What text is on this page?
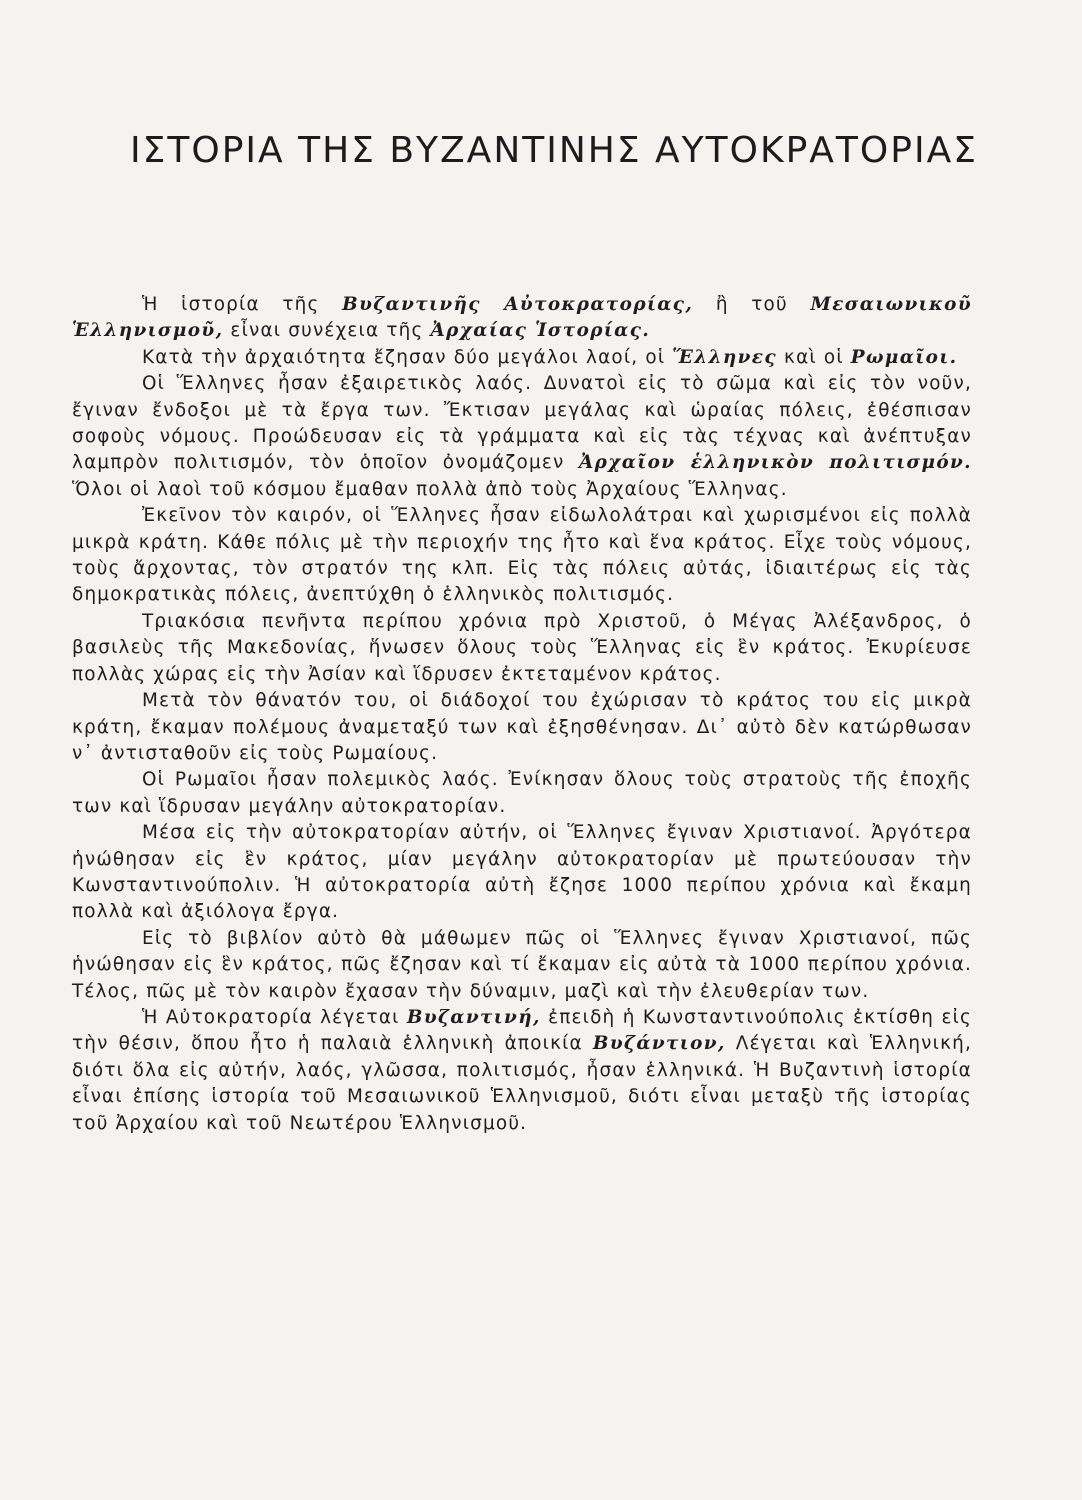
ΙΣΤΟΡΙΑ ΤΗΣ ΒΥΖΑΝΤΙΝΗΣ ΑΥΤΟΚΡΑΤΟΡΙΑΣ

Ἡ ἱστορία τῆς Βυζαντινῆς Αὐτοκρατορίας, ἢ τοῦ Μεσαιωνικοῦ Ἑλληνισμοῦ, εἶναι συνέχεια τῆς Ἀρχαίας Ἱστορίας.

Κατὰ τὴν ἀρχαιότητα ἔζησαν δύο μεγάλοι λαοί, οἱ Ἕλληνες καὶ οἱ Ρωμαῖοι.

Οἱ Ἕλληνες ἦσαν ἐξαιρετικὸς λαός. Δυνατοὶ εἰς τὸ σῶμα καὶ εἰς τὸν νοῦν, ἔγιναν ἔνδοξοι μὲ τὰ ἔργα των. Ἔκτισαν μεγάλας καὶ ὡραίας πόλεις, ἐθέσπισαν σοφοὺς νόμους. Προώδευσαν εἰς τὰ γράμματα καὶ εἰς τὰς τέχνας καὶ ἀνέπτυξαν λαμπρὸν πολιτισμόν, τὸν ὁποῖον ὀνομάζομεν Ἀρχαῖον ἑλληνικὸν πολιτισμόν. Ὅλοι οἱ λαοὶ τοῦ κόσμου ἔμαθαν πολλὰ ἀπὸ τοὺς Ἀρχαίους Ἕλληνας.

Ἐκεῖνον τὸν καιρόν, οἱ Ἕλληνες ἦσαν εἰδωλολάτραι καὶ χωρισμένοι εἰς πολλὰ μικρὰ κράτη. Κάθε πόλις μὲ τὴν περιοχήν της ἦτο καὶ ἕνα κράτος. Εἶχε τοὺς νόμους, τοὺς ἄρχοντας, τὸν στρατόν της κλπ. Εἰς τὰς πόλεις αὐτάς, ἰδιαιτέρως εἰς τὰς δημοκρατικὰς πόλεις, ἀνεπτύχθη ὁ ἑλληνικὸς πολιτισμός.

Τριακόσια πενῆντα περίπου χρόνια πρὸ Χριστοῦ, ὁ Μέγας Ἀλέξανδρος, ὁ βασιλεὺς τῆς Μακεδονίας, ἥνωσεν ὅλους τοὺς Ἕλληνας εἰς ἓν κράτος. Ἐκυρίευσε πολλὰς χώρας εἰς τὴν Ἀσίαν καὶ ἵδρυσεν ἐκτεταμένον κράτος.

Μετὰ τὸν θάνατόν του, οἱ διάδοχοί του ἐχώρισαν τὸ κράτος του εἰς μικρὰ κράτη, ἔκαμαν πολέμους ἀναμεταξύ των καὶ ἐξησθένησαν. Δι᾿ αὐτὸ δὲν κατώρθωσαν ν᾿ ἀντισταθοῦν εἰς τοὺς Ρωμαίους.

Οἱ Ρωμαῖοι ἦσαν πολεμικὸς λαός. Ἐνίκησαν ὅλους τοὺς στρατοὺς τῆς ἐποχῆς των καὶ ἵδρυσαν μεγάλην αὐτοκρατορίαν.

Μέσα εἰς τὴν αὐτοκρατορίαν αὐτήν, οἱ Ἕλληνες ἔγιναν Χριστιανοί. Ἀργότερα ἡνώθησαν εἰς ἓν κράτος, μίαν μεγάλην αὐτοκρατορίαν μὲ πρωτεύουσαν τὴν Κωνσταντινούπολιν. Ἡ αὐτοκρατορία αὐτὴ ἔζησε 1000 περίπου χρόνια καὶ ἔκαμη πολλὰ καὶ ἀξιόλογα ἔργα.

Εἰς τὸ βιβλίον αὐτὸ θὰ μάθωμεν πῶς οἱ Ἕλληνες ἔγιναν Χριστιανοί, πῶς ἡνώθησαν εἰς ἓν κράτος, πῶς ἔζησαν καὶ τί ἔκαμαν εἰς αὐτὰ τὰ 1000 περίπου χρόνια. Τέλος, πῶς μὲ τὸν καιρὸν ἔχασαν τὴν δύναμιν, μαζὶ καὶ τὴν ἐλευθερίαν των.

Ἡ Αὐτοκρατορία λέγεται Βυζαντινή, ἐπειδὴ ἡ Κωνσταντινούπολις ἐκτίσθη εἰς τὴν θέσιν, ὅπου ἦτο ἡ παλαιὰ ἑλληνικὴ ἀποικία Βυζάντιον, Λέγεται καὶ Ἑλληνική, διότι ὅλα εἰς αὐτήν, λαός, γλῶσσα, πολιτισμός, ἦσαν ἑλληνικά. Ἡ Βυζαντινὴ ἱστορία εἶναι ἐπίσης ἱστορία τοῦ Μεσαιωνικοῦ Ἑλληνισμοῦ, διότι εἶναι μεταξὺ τῆς ἱστορίας τοῦ Ἀρχαίου καὶ τοῦ Νεωτέρου Ἑλληνισμοῦ.
